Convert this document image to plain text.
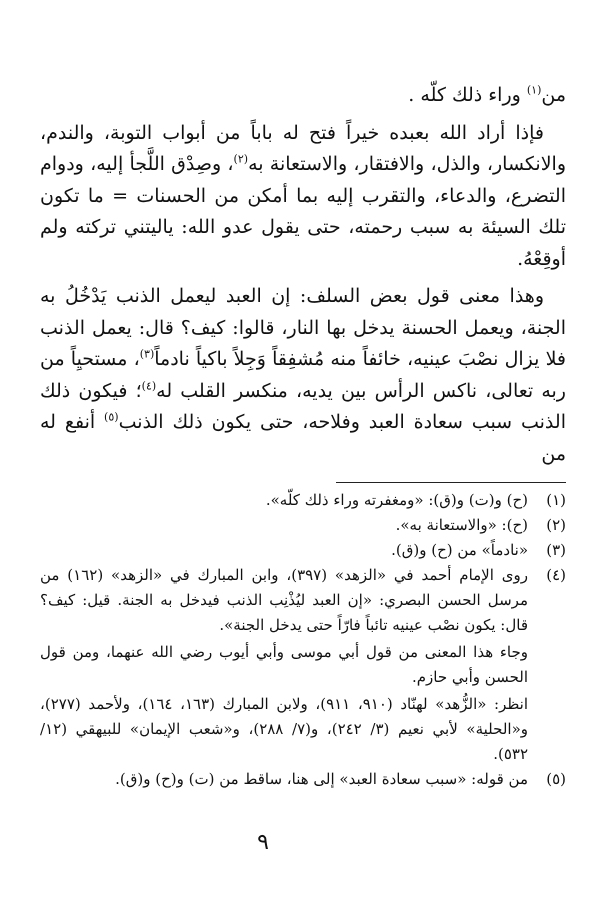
من$^{(١)}$ وراء ذلك كلّه .

فإذا أراد الله بعبده خيراً فتح له باباً من أبواب التوبة، والندم، والانكسار، والذل، والافتقار، والاستعانة به$^{(٢)}$، وصِدْق اللَّجأ إليه، ودوام التضرع، والدعاء، والتقرب إليه بما أمكن من الحسنات = ما تكون تلك السيئة به سبب رحمته، حتى يقول عدو الله: ياليتني تركته ولم أوقِعْهُ.

وهذا معنى قول بعض السلف: إن العبد ليعمل الذنب يَدْخُلُ به الجنة، ويعمل الحسنة يدخل بها النار، قالوا: كيف؟ قال: يعمل الذنب فلا يزال نصْبَ عينيه، خائفاً منه مُشفِقاً وَجِلاً باكياً نادماً$^{(٣)}$، مستحيِاً من ربه تعالى، ناكس الرأس بين يديه، منكسر القلب له$^{(٤)}$؛ فيكون ذلك الذنب سبب سعادة العبد وفلاحه، حتى يكون ذلك الذنب$^{(٥)}$ أنفع له من

(١)

(ح) و(ت) و(ق): «ومغفرته وراء ذلك كلّه».

(٢)

(ح): «والاستعانة به».

(٣)

«نادماً» من (ح) و(ق).

(٤)

روى الإمام أحمد في «الزهد» (٣٩٧)، وابن المبارك في «الزهد» (١٦٢) من مرسل الحسن البصري: «إن العبد ليُذْنِب الذنب فيدخل به الجنة. قيل: كيف؟ قال: يكون نصْب عينيه تائباً فارّاً حتى يدخل الجنة».

وجاء هذا المعنى من قول أبي موسى وأبي أيوب رضي الله عنهما، ومن قول الحسن وأبي حازم.

انظر: «الزُّهد» لهنّاد (٩١٠، ٩١١)، ولابن المبارك (١٦٣، ١٦٤)، ولأحمد (٢٧٧)، و«الحلية» لأبي نعيم (٣/ ٢٤٢)، و(٧/ ٢٨٨)، و«شعب الإيمان» للبيهقي (١٢/ ٥٣٢).

(٥)

من قوله: «سبب سعادة العبد» إلى هنا، ساقط من (ت) و(ح) و(ق).

٩
